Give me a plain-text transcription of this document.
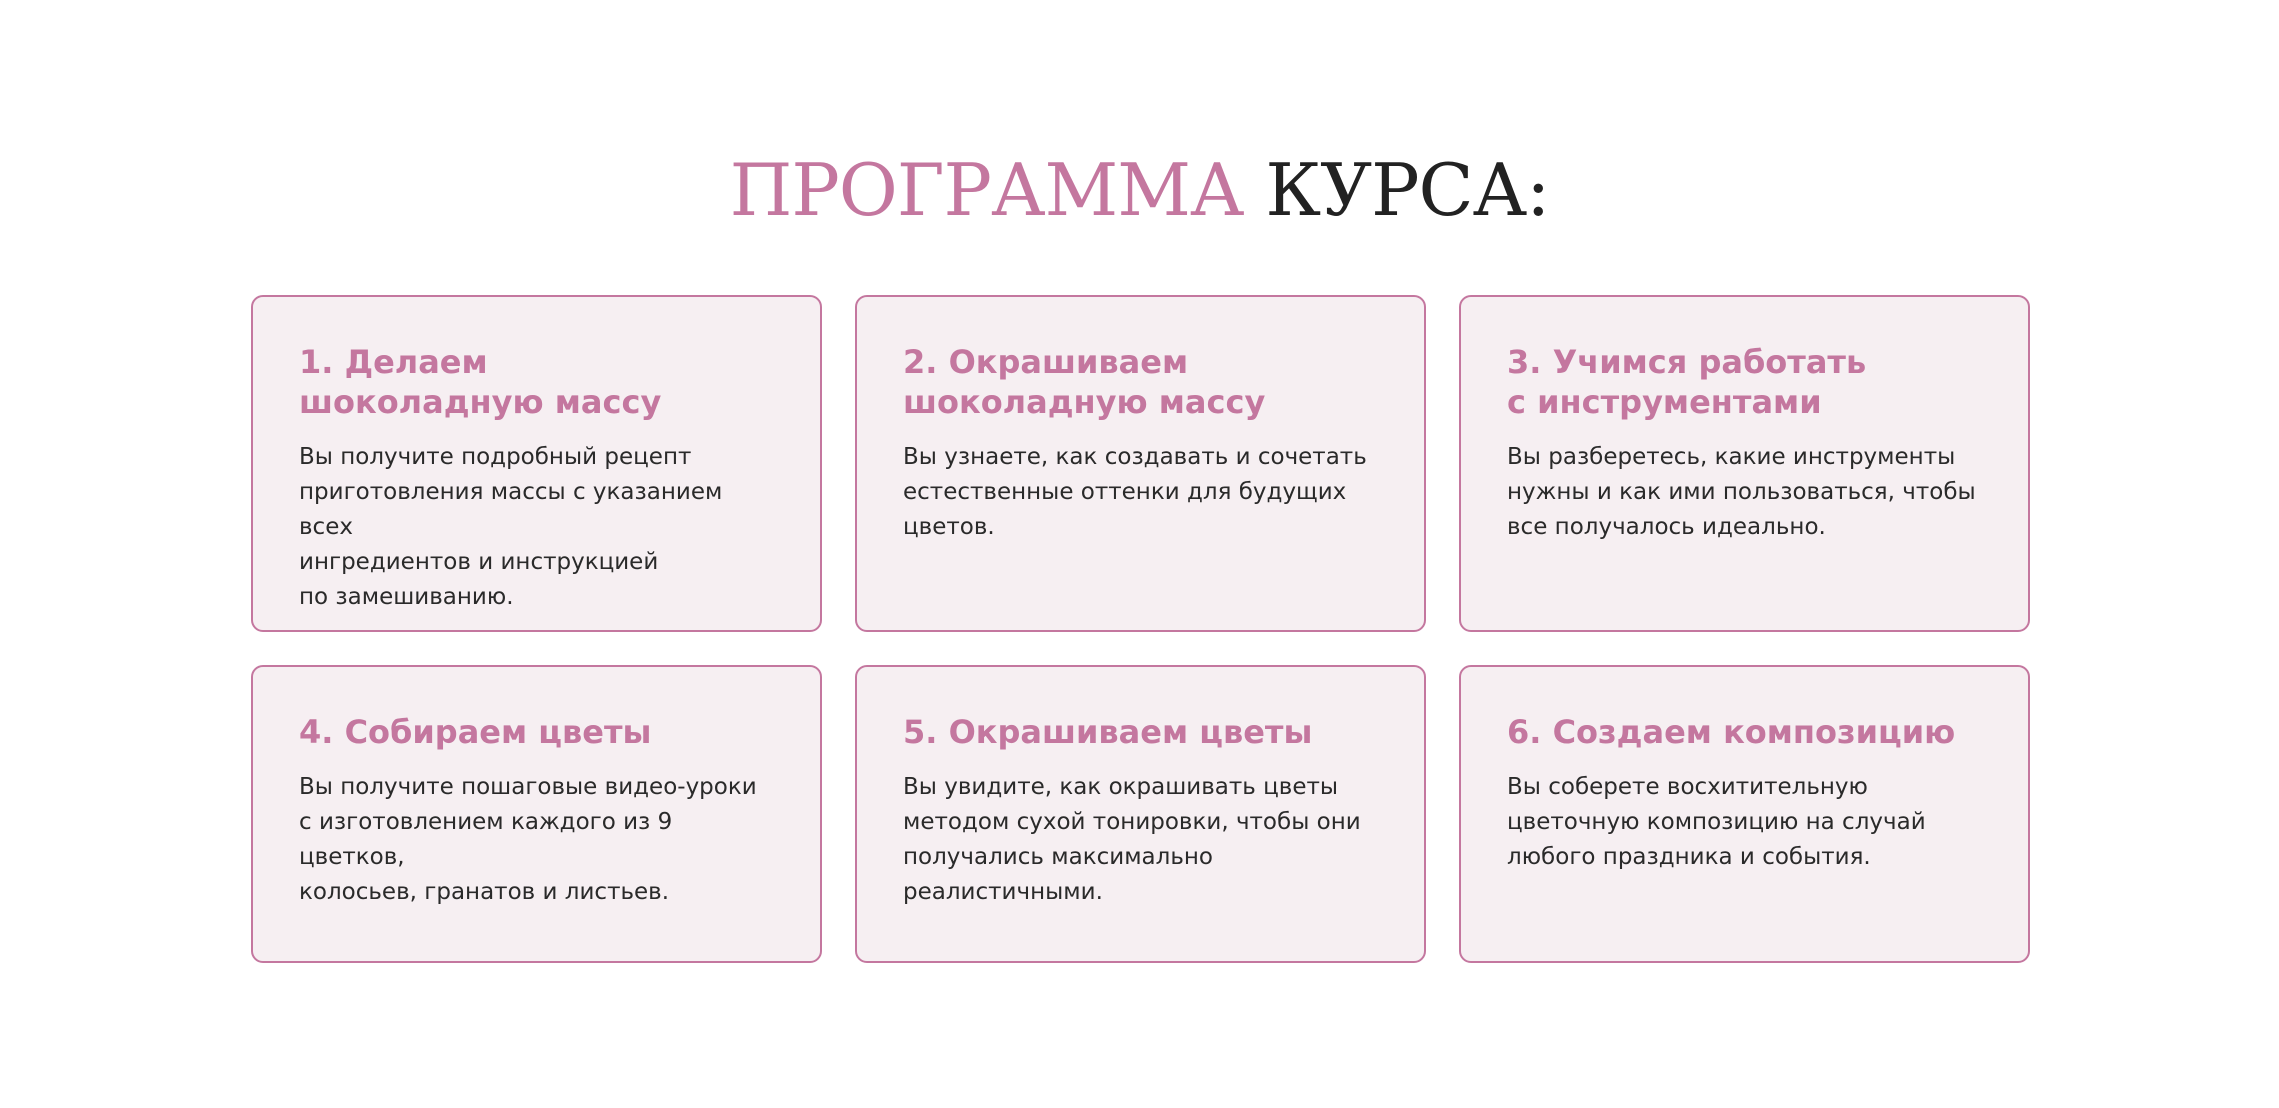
ПРОГРАММА КУРСА:
1. Делаем
шоколадную массу

Вы получите подробный рецепт
приготовления массы с указанием всех
ингредиентов и инструкцией
по замешиванию.

2. Окрашиваем
шоколадную массу

Вы узнаете, как создавать и сочетать
естественные оттенки для будущих
цветов.

3. Учимся работать
с инструментами

Вы разберетесь, какие инструменты
нужны и как ими пользоваться, чтобы
все получалось идеально.

4. Собираем цветы

Вы получите пошаговые видео-уроки
с изготовлением каждого из 9 цветков,
колосьев, гранатов и листьев.

5. Окрашиваем цветы

Вы увидите, как окрашивать цветы
методом сухой тонировки, чтобы они
получались максимально
реалистичными.

6. Создаем композицию

Вы соберете восхитительную
цветочную композицию на случай
любого праздника и события.
